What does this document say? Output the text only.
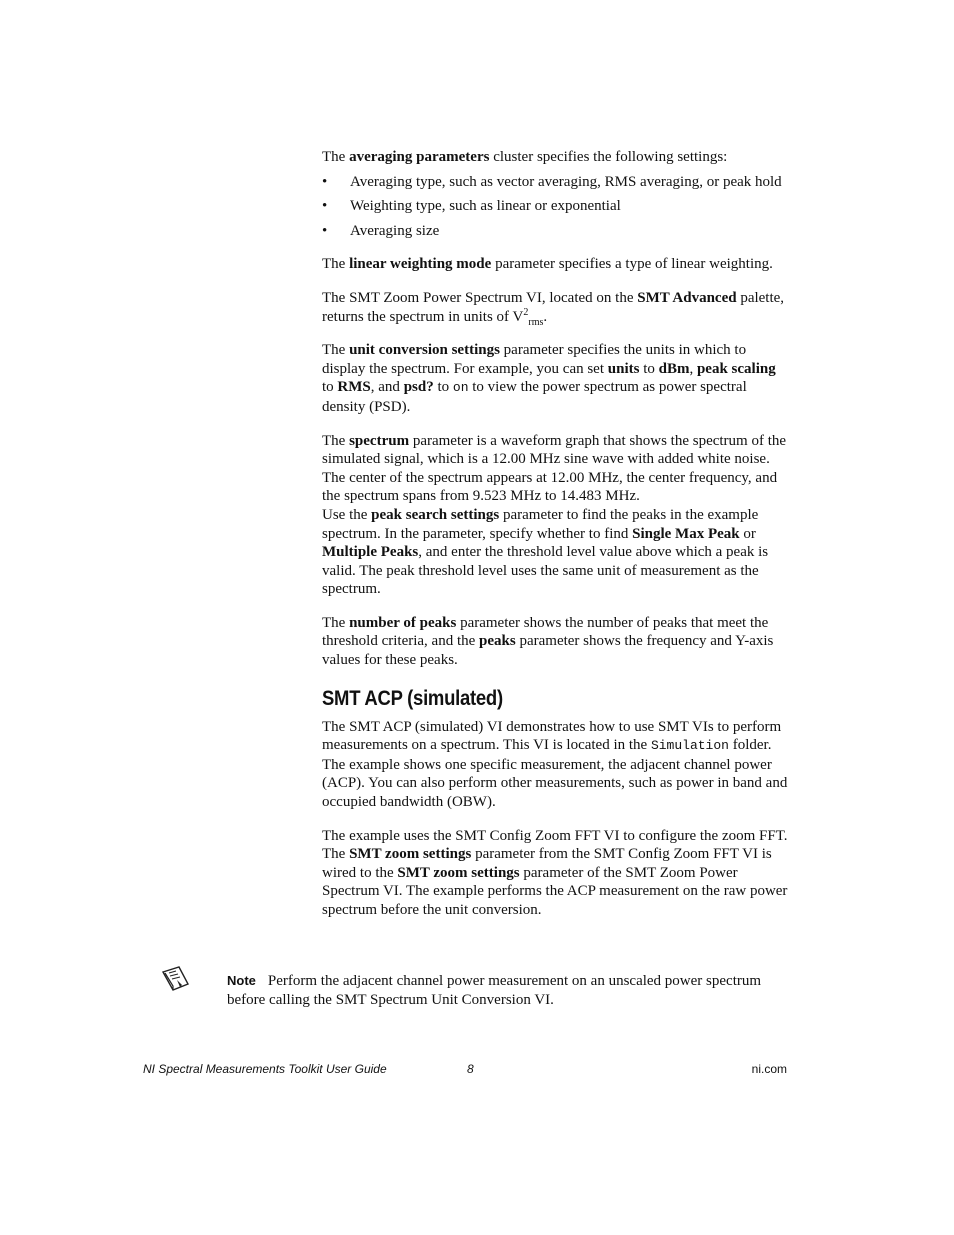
The averaging parameters cluster specifies the following settings:

• Averaging type, such as vector averaging, RMS averaging, or peak hold
• Weighting type, such as linear or exponential
• Averaging size

The linear weighting mode parameter specifies a type of linear weighting.

The SMT Zoom Power Spectrum VI, located on the SMT Advanced palette, returns the spectrum in units of $V^2_{rms}$.

The unit conversion settings parameter specifies the units in which to display the spectrum. For example, you can set units to dBm, peak scaling to RMS, and psd? to on to view the power spectrum as power spectral density (PSD).

The spectrum parameter is a waveform graph that shows the spectrum of the simulated signal, which is a 12.00 MHz sine wave with added white noise. The center of the spectrum appears at 12.00 MHz, the center frequency, and the spectrum spans from 9.523 MHz to 14.483 MHz.

Use the peak search settings parameter to find the peaks in the example spectrum. In the parameter, specify whether to find Single Max Peak or Multiple Peaks, and enter the threshold level value above which a peak is valid. The peak threshold level uses the same unit of measurement as the spectrum.

The number of peaks parameter shows the number of peaks that meet the threshold criteria, and the peaks parameter shows the frequency and Y-axis values for these peaks.

SMT ACP (simulated)

The SMT ACP (simulated) VI demonstrates how to use SMT VIs to perform measurements on a spectrum. This VI is located in the Simulation folder. The example shows one specific measurement, the adjacent channel power (ACP). You can also perform other measurements, such as power in band and occupied bandwidth (OBW).

The example uses the SMT Config Zoom FFT VI to configure the zoom FFT. The SMT zoom settings parameter from the SMT Config Zoom FFT VI is wired to the SMT zoom settings parameter of the SMT Zoom Power Spectrum VI. The example performs the ACP measurement on the raw power spectrum before the unit conversion.

Note Perform the adjacent channel power measurement on an unscaled power spectrum before calling the SMT Spectrum Unit Conversion VI.
NI Spectral Measurements Toolkit User Guide	8	ni.com
